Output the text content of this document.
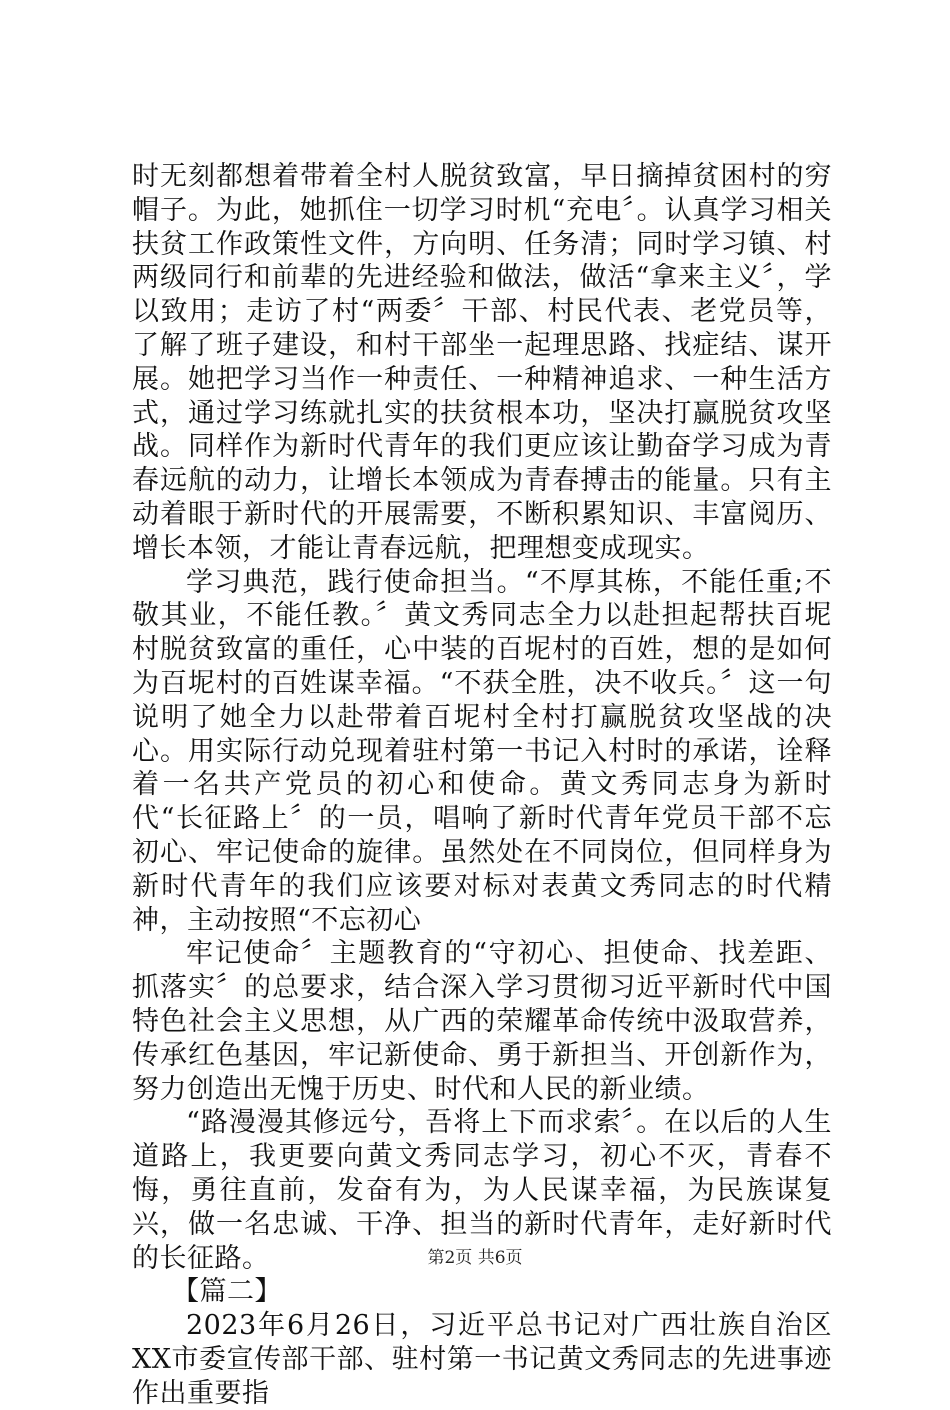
时无刻都想着带着全村人脱贫致富，早日摘掉贫困村的穷帽子。为此，她抓住一切学习时机“充电〞。认真学习相关扶贫工作政策性文件，方向明、任务清；同时学习镇、村两级同行和前辈的先进经验和做法，做活“拿来主义〞，学以致用；走访了村“两委〞干部、村民代表、老党员等，了解了班子建设，和村干部坐一起理思路、找症结、谋开展。她把学习当作一种责任、一种精神追求、一种生活方式，通过学习练就扎实的扶贫根本功，坚决打赢脱贫攻坚战。同样作为新时代青年的我们更应该让勤奋学习成为青春远航的动力，让增长本领成为青春搏击的能量。只有主动着眼于新时代的开展需要，不断积累知识、丰富阅历、增长本领，才能让青春远航，把理想变成现实。

学习典范，践行使命担当。“不厚其栋，不能任重;不敬其业，不能任教。〞黄文秀同志全力以赴担起帮扶百坭村脱贫致富的重任，心中装的百坭村的百姓，想的是如何为百坭村的百姓谋幸福。“不获全胜，决不收兵。〞这一句说明了她全力以赴带着百坭村全村打赢脱贫攻坚战的决心。用实际行动兑现着驻村第一书记入村时的承诺，诠释着一名共产党员的初心和使命。黄文秀同志身为新时代“长征路上〞的一员，唱响了新时代青年党员干部不忘初心、牢记使命的旋律。虽然处在不同岗位，但同样身为新时代青年的我们应该要对标对表黄文秀同志的时代精神，主动按照“不忘初心

牢记使命〞主题教育的“守初心、担使命、找差距、抓落实〞的总要求，结合深入学习贯彻习近平新时代中国特色社会主义思想，从广西的荣耀革命传统中汲取营养，传承红色基因，牢记新使命、勇于新担当、开创新作为，努力创造出无愧于历史、时代和人民的新业绩。

“路漫漫其修远兮，吾将上下而求索〞。在以后的人生道路上，我更要向黄文秀同志学习，初心不灭，青春不悔，勇往直前，发奋有为，为人民谋幸福，为民族谋复兴，做一名忠诚、干净、担当的新时代青年，走好新时代的长征路。

【篇二】

2023年6月26日，习近平总书记对广西壮族自治区XX市委宣传部干部、驻村第一书记黄文秀同志的先进事迹作出重要指

第2页 共6页
